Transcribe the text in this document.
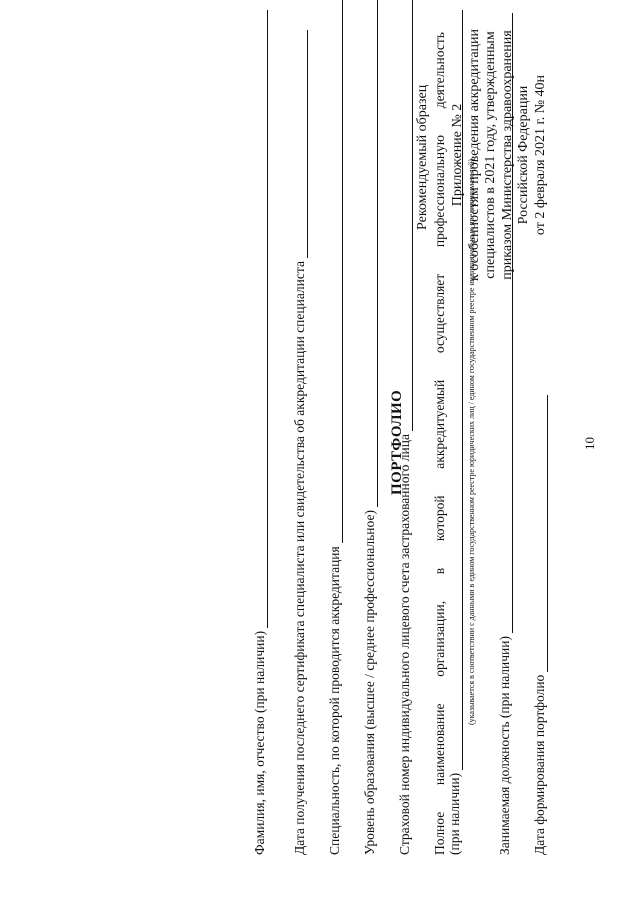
10
Приложение № 2 к особенностям проведения аккредитации специалистов в 2021 году, утвержденным приказом Министерства здравоохранения Российской Федерации от 2 февраля 2021 г. № 40н
Рекомендуемый образец
ПОРТФОЛИО
Фамилия, имя, отчество (при наличии) Дата получения последнего сертификата специалиста или свидетельства об аккредитации специалиста Специальность, по которой проводится аккредитация Уровень образования (высшее / среднее профессиональное) Страховой номер индивидуального лицевого счета застрахованного лица Полное
наименование
организации,
в
которой
аккредитуемый
осуществляет
профессиональную
деятельность
(при наличии)
(указывается в соответствии с данными в едином государственном реестре юридических лиц / едином государственном реестре индивидуальных предпринимателей)
Занимаемая должность (при наличии) Дата формирования портфолио
